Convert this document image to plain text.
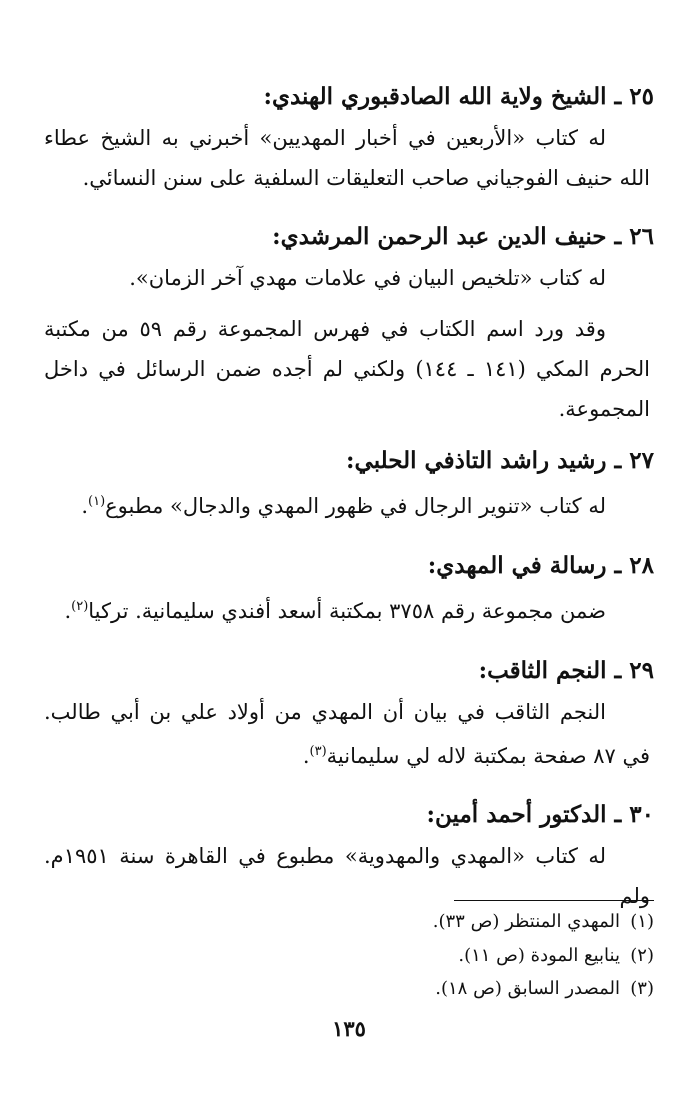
٢٥ ـ الشيخ ولاية الله الصادقبوري الهندي:
له كتاب «الأربعين في أخبار المهديين» أخبرني به الشيخ عطاء الله حنيف الفوجياني صاحب التعليقات السلفية على سنن النسائي.
٢٦ ـ حنيف الدين عبد الرحمن المرشدي:
له كتاب «تلخيص البيان في علامات مهدي آخر الزمان».
وقد ورد اسم الكتاب في فهرس المجموعة رقم ٥٩ من مكتبة الحرم المكي (١٤١ ـ ١٤٤) ولكني لم أجده ضمن الرسائل في داخل المجموعة.
٢٧ ـ رشيد راشد التاذفي الحلبي:
له كتاب «تنوير الرجال في ظهور المهدي والدجال» مطبوع$^{(١)}$.
٢٨ ـ رسالة في المهدي:
ضمن مجموعة رقم ٣٧٥٨ بمكتبة أسعد أفندي سليمانية. تركيا$^{(٢)}$.
٢٩ ـ النجم الثاقب:
النجم الثاقب في بيان أن المهدي من أولاد علي بن أبي طالب. في ٨٧ صفحة بمكتبة لاله لي سليمانية$^{(٣)}$.
٣٠ ـ الدكتور أحمد أمين:
له كتاب «المهدي والمهدوية» مطبوع في القاهرة سنة ١٩٥١م. ولم
(١)المهدي المنتظر (ص ٣٣).
(٢)ينابيع المودة (ص ١١).
(٣)المصدر السابق (ص ١٨).
١٣٥
